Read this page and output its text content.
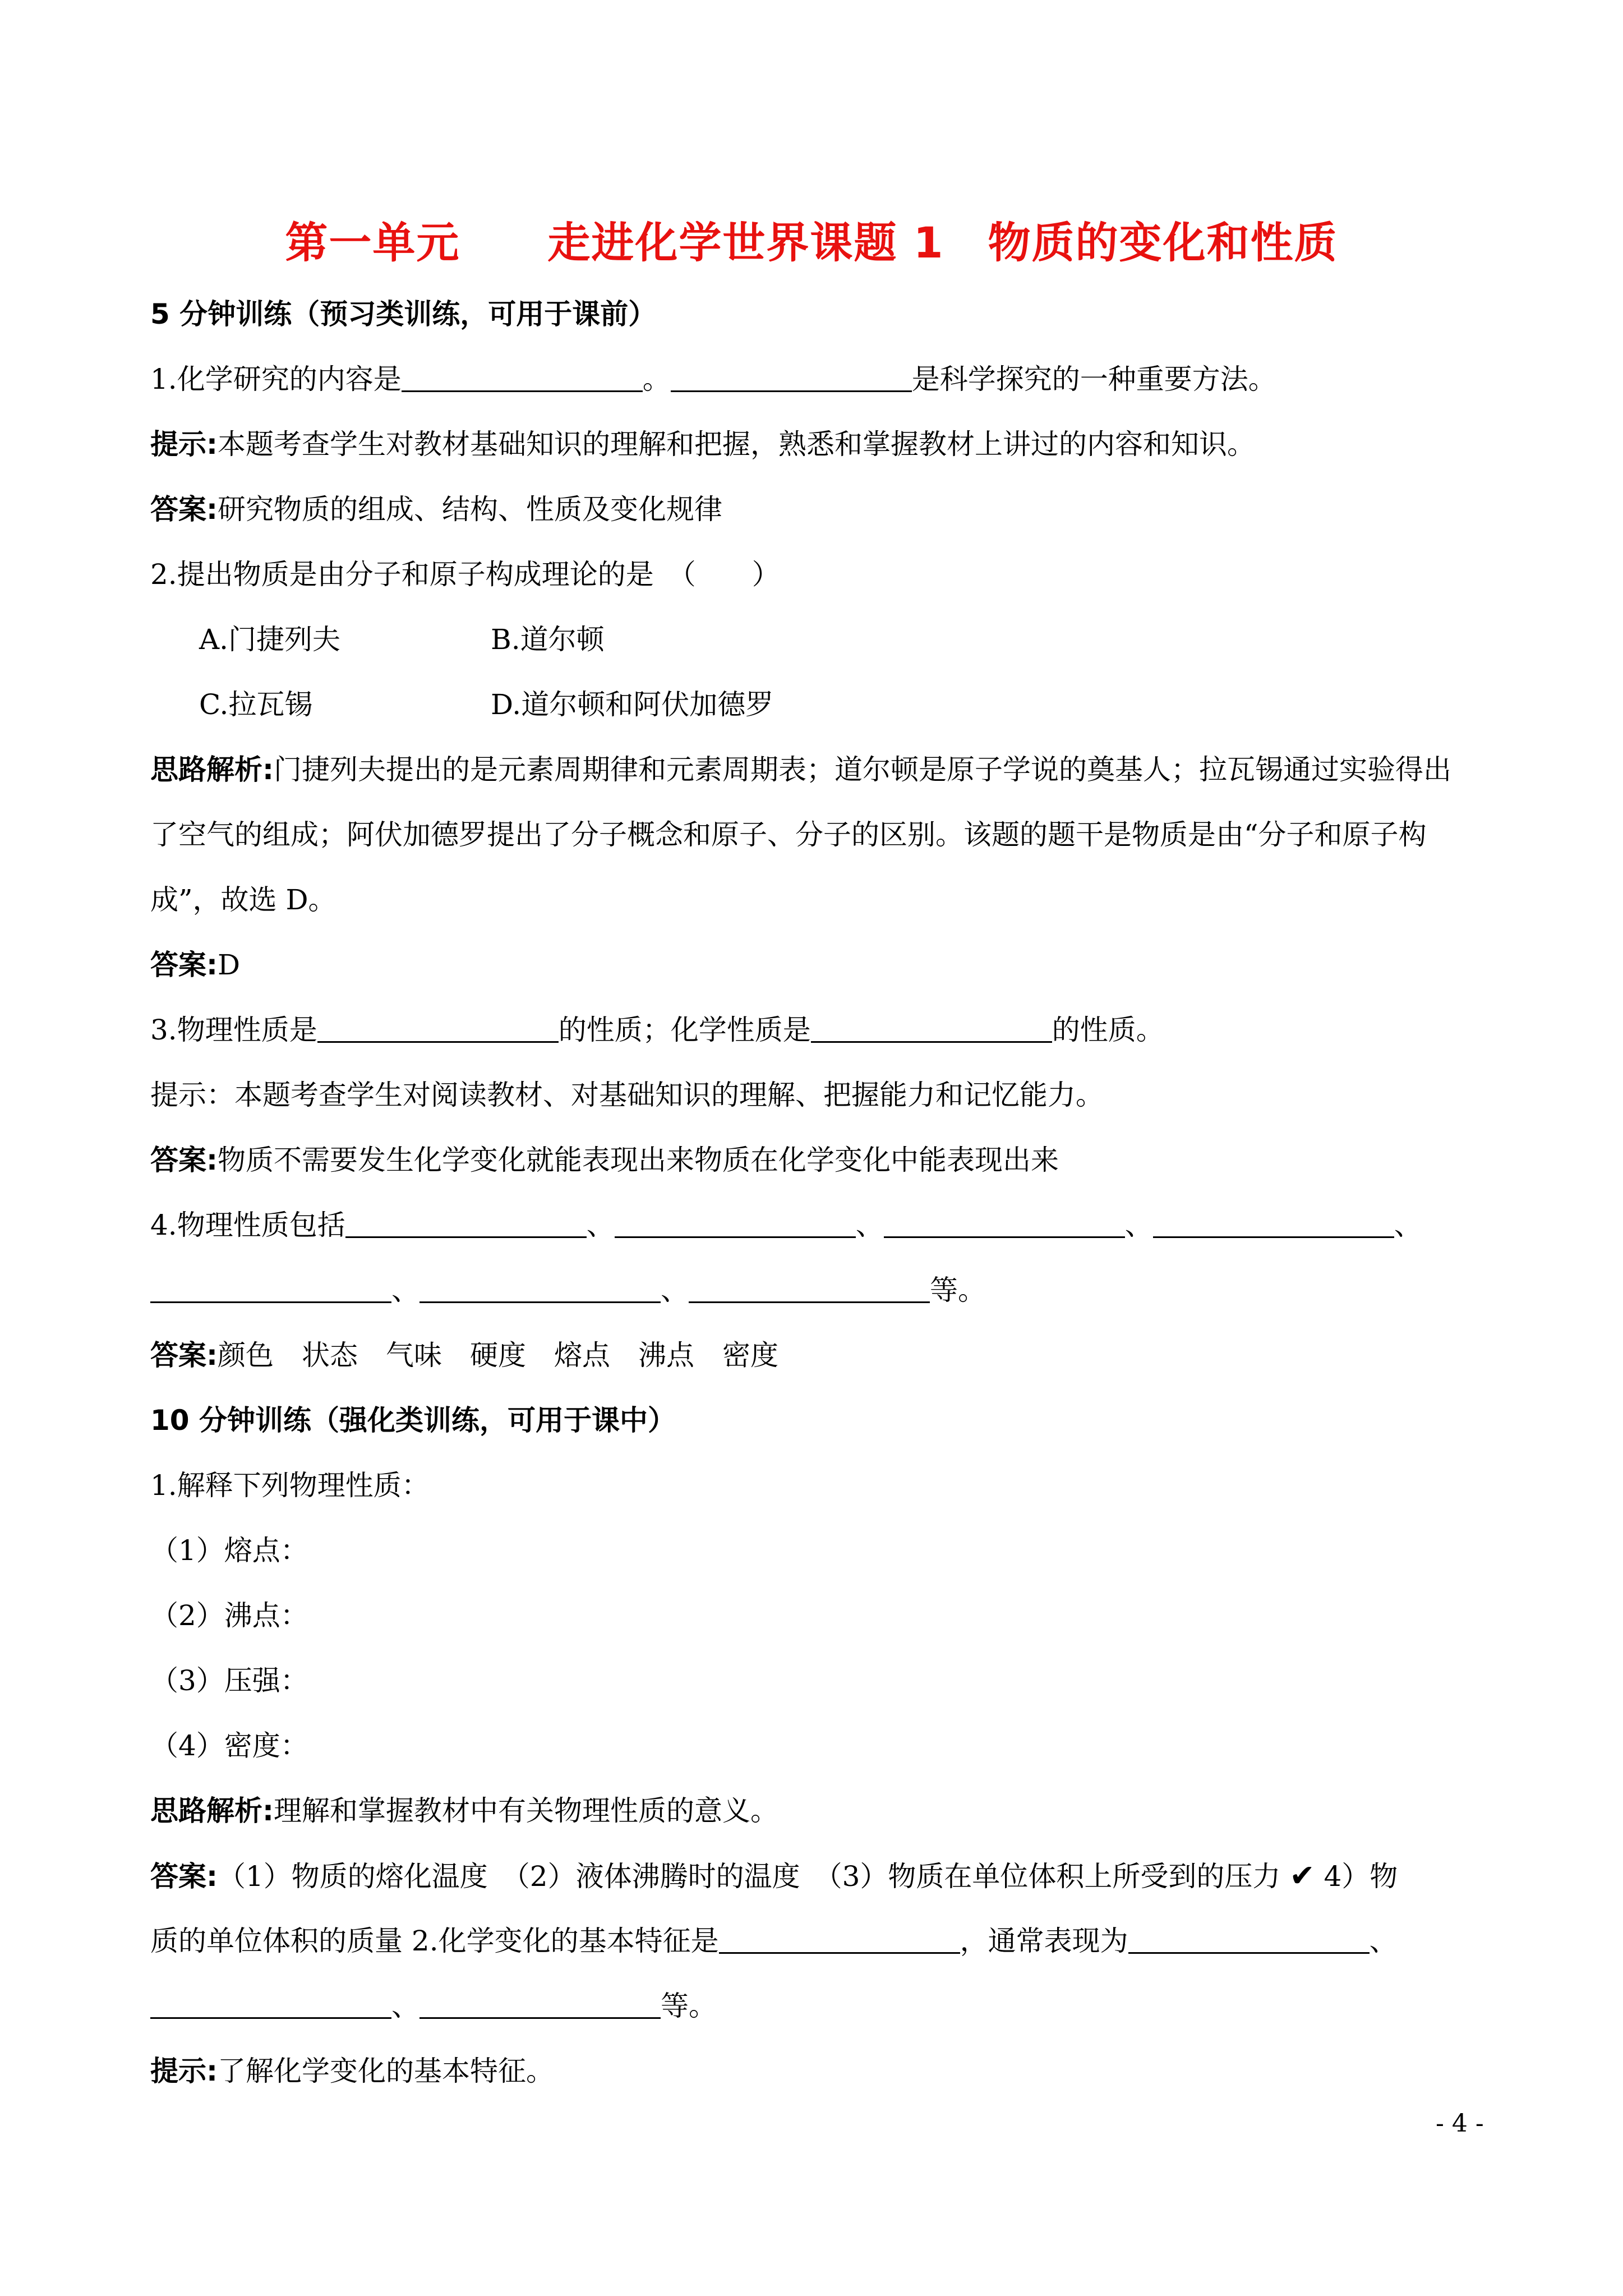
第一单元　　走进化学世界课题 1　物质的变化和性质
5 分钟训练（预习类训练，可用于课前）
1.化学研究的内容是	。	是科学探究的一种重要方法。
提示:本题考查学生对教材基础知识的理解和把握，熟悉和掌握教材上讲过的内容和知识。
答案:研究物质的组成、结构、性质及变化规律
2.提出物质是由分子和原子构成理论的是　（　　）
A.门捷列夫	B.道尔顿
C.拉瓦锡	D.道尔顿和阿伏加德罗
思路解析:门捷列夫提出的是元素周期律和元素周期表；道尔顿是原子学说的奠基人；拉瓦锡通过实验得出
了空气的组成；阿伏加德罗提出了分子概念和原子、分子的区别。该题的题干是物质是由“分子和原子构
成”，故选 D。
答案:D
3.物理性质是	的性质；化学性质是	的性质。
提示：本题考查学生对阅读教材、对基础知识的理解、把握能力和记忆能力。
答案:物质不需要发生化学变化就能表现出来物质在化学变化中能表现出来
4.物理性质包括	、	、	、	、
、	、	等。
答案:颜色　状态　气味　硬度　熔点　沸点　密度
10 分钟训练（强化类训练，可用于课中）
1.解释下列物理性质：
（1）熔点：
（2）沸点：
（3）压强：
（4）密度：
思路解析:理解和掌握教材中有关物理性质的意义。
答案:（1）物质的熔化温度　（2）液体沸腾时的温度　（3）物质在单位体积上所受到的压力 ✔ 4）物
质的单位体积的质量 2.化学变化的基本特征是	，通常表现为	、
、	等。
提示:了解化学变化的基本特征。
- 4 -
